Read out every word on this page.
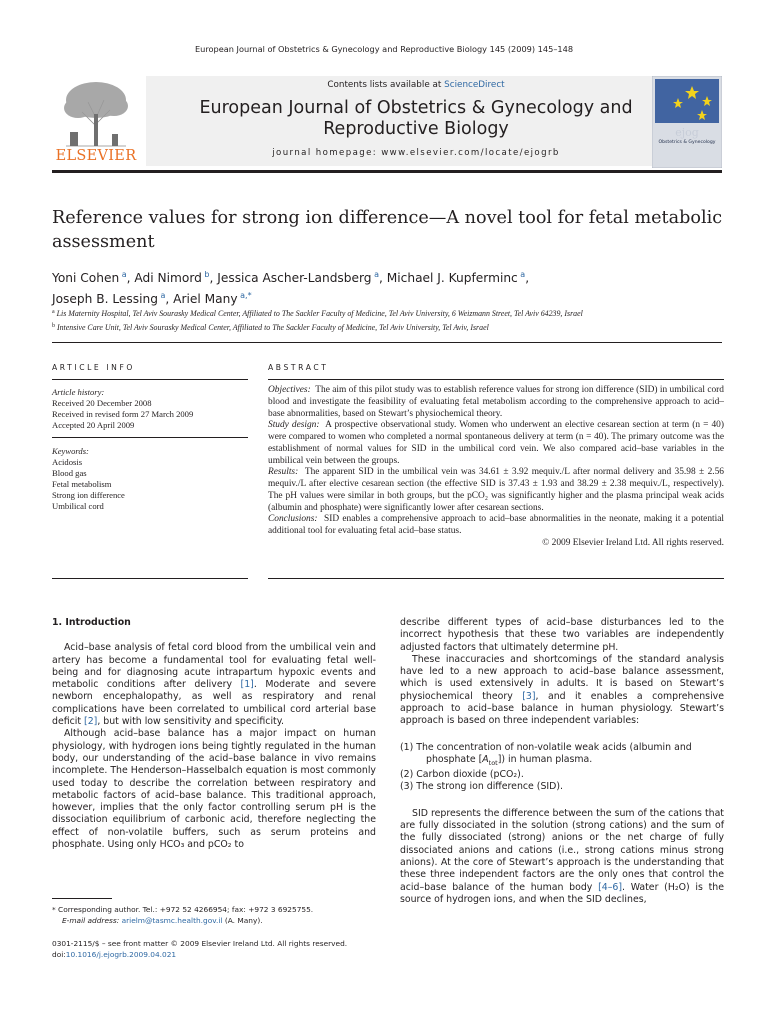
European Journal of Obstetrics & Gynecology and Reproductive Biology 145 (2009) 145–148
ELSEVIER
Contents lists available at ScienceDirect
European Journal of Obstetrics & Gynecology and
Reproductive Biology
journal homepage: www.elsevier.com/locate/ejogrb
ejog
Obstetrics & Gynecology
Reference values for strong ion difference—A novel tool for fetal metabolic
assessment
Yoni Cohen $^a$, Adi Nimord $^b$, Jessica Ascher-Landsberg $^a$, Michael J. Kupferminc $^a$,
Joseph B. Lessing $^a$, Ariel Many $^{a,*}$
$^a$ Lis Maternity Hospital, Tel Aviv Sourasky Medical Center, Affiliated to The Sackler Faculty of Medicine, Tel Aviv University, 6 Weizmann Street, Tel Aviv 64239, Israel
$^b$ Intensive Care Unit, Tel Aviv Sourasky Medical Center, Affiliated to The Sackler Faculty of Medicine, Tel Aviv University, Tel Aviv, Israel
ARTICLE INFO	ABSTRACT
Article history:
Received 20 December 2008
Received in revised form 27 March 2009
Accepted 20 April 2009
Keywords:
Acidosis
Blood gas
Fetal metabolism
Strong ion difference
Umbilical cord

Objectives: The aim of this pilot study was to establish reference values for strong ion difference (SID) in umbilical cord blood and investigate the feasibility of evaluating fetal metabolism according to the comprehensive approach to acid–base abnormalities, based on Stewart’s physiochemical theory.

Study design: A prospective observational study. Women who underwent an elective cesarean section at term (n = 40) were compared to women who completed a normal spontaneous delivery at term (n = 40). The primary outcome was the establishment of normal values for SID in the umbilical cord vein. We also compared acid–base variables in the umbilical vein between the groups.

Results: The apparent SID in the umbilical vein was 34.61 ± 3.92 mequiv./L after normal delivery and 35.98 ± 2.56 mequiv./L after elective cesarean section (the effective SID is 37.43 ± 1.93 and 38.29 ± 2.38 mequiv./L, respectively). The pH values were similar in both groups, but the pCO₂ was significantly higher and the plasma principal weak acids (albumin and phosphate) were significantly lower after cesarean sections.

Conclusions: SID enables a comprehensive approach to acid–base abnormalities in the neonate, making it a potential additional tool for evaluating fetal acid–base status.

© 2009 Elsevier Ireland Ltd. All rights reserved.

1. Introduction

Acid–base analysis of fetal cord blood from the umbilical vein and artery has become a fundamental tool for evaluating fetal well-being and for diagnosing acute intrapartum hypoxic events and metabolic conditions after delivery [1]. Moderate and severe newborn encephalopathy, as well as respiratory and renal complications have been correlated to umbilical cord arterial base deficit [2], but with low sensitivity and specificity.

Although acid–base balance has a major impact on human physiology, with hydrogen ions being tightly regulated in the human body, our understanding of the acid–base balance in vivo remains incomplete. The Henderson–Hasselbalch equation is most commonly used today to describe the correlation between respiratory and metabolic factors of acid–base balance. This traditional approach, however, implies that the only factor controlling serum pH is the dissociation equilibrium of carbonic acid, therefore neglecting the effect of non-volatile buffers, such as serum proteins and phosphate. Using only HCO₃ and pCO₂ to

describe different types of acid–base disturbances led to the incorrect hypothesis that these two variables are independently adjusted factors that ultimately determine pH.

These inaccuracies and shortcomings of the standard analysis have led to a new approach to acid–base balance assessment, which is used extensively in adults. It is based on Stewart’s physiochemical theory [3], and it enables a comprehensive approach to acid–base balance in human physiology. Stewart’s approach is based on three independent variables:

(1) The concentration of non-volatile weak acids (albumin and phosphate $[A_{tot}]$) in human plasma.
(2) Carbon dioxide (pCO₂).
(3) The strong ion difference (SID).

SID represents the difference between the sum of the cations that are fully dissociated in the solution (strong cations) and the sum of the fully dissociated (strong) anions or the net charge of fully dissociated anions and cations (i.e., strong cations minus strong anions). At the core of Stewart’s approach is the understanding that these three independent factors are the only ones that control the acid–base balance of the human body [4–6]. Water (H₂O) is the source of hydrogen ions, and when the SID declines,

* Corresponding author. Tel.: +972 52 4266954; fax: +972 3 6925755.
E-mail address: arielm@tasmc.health.gov.il (A. Many).
0301-2115/$ – see front matter © 2009 Elsevier Ireland Ltd. All rights reserved.
doi:10.1016/j.ejogrb.2009.04.021
